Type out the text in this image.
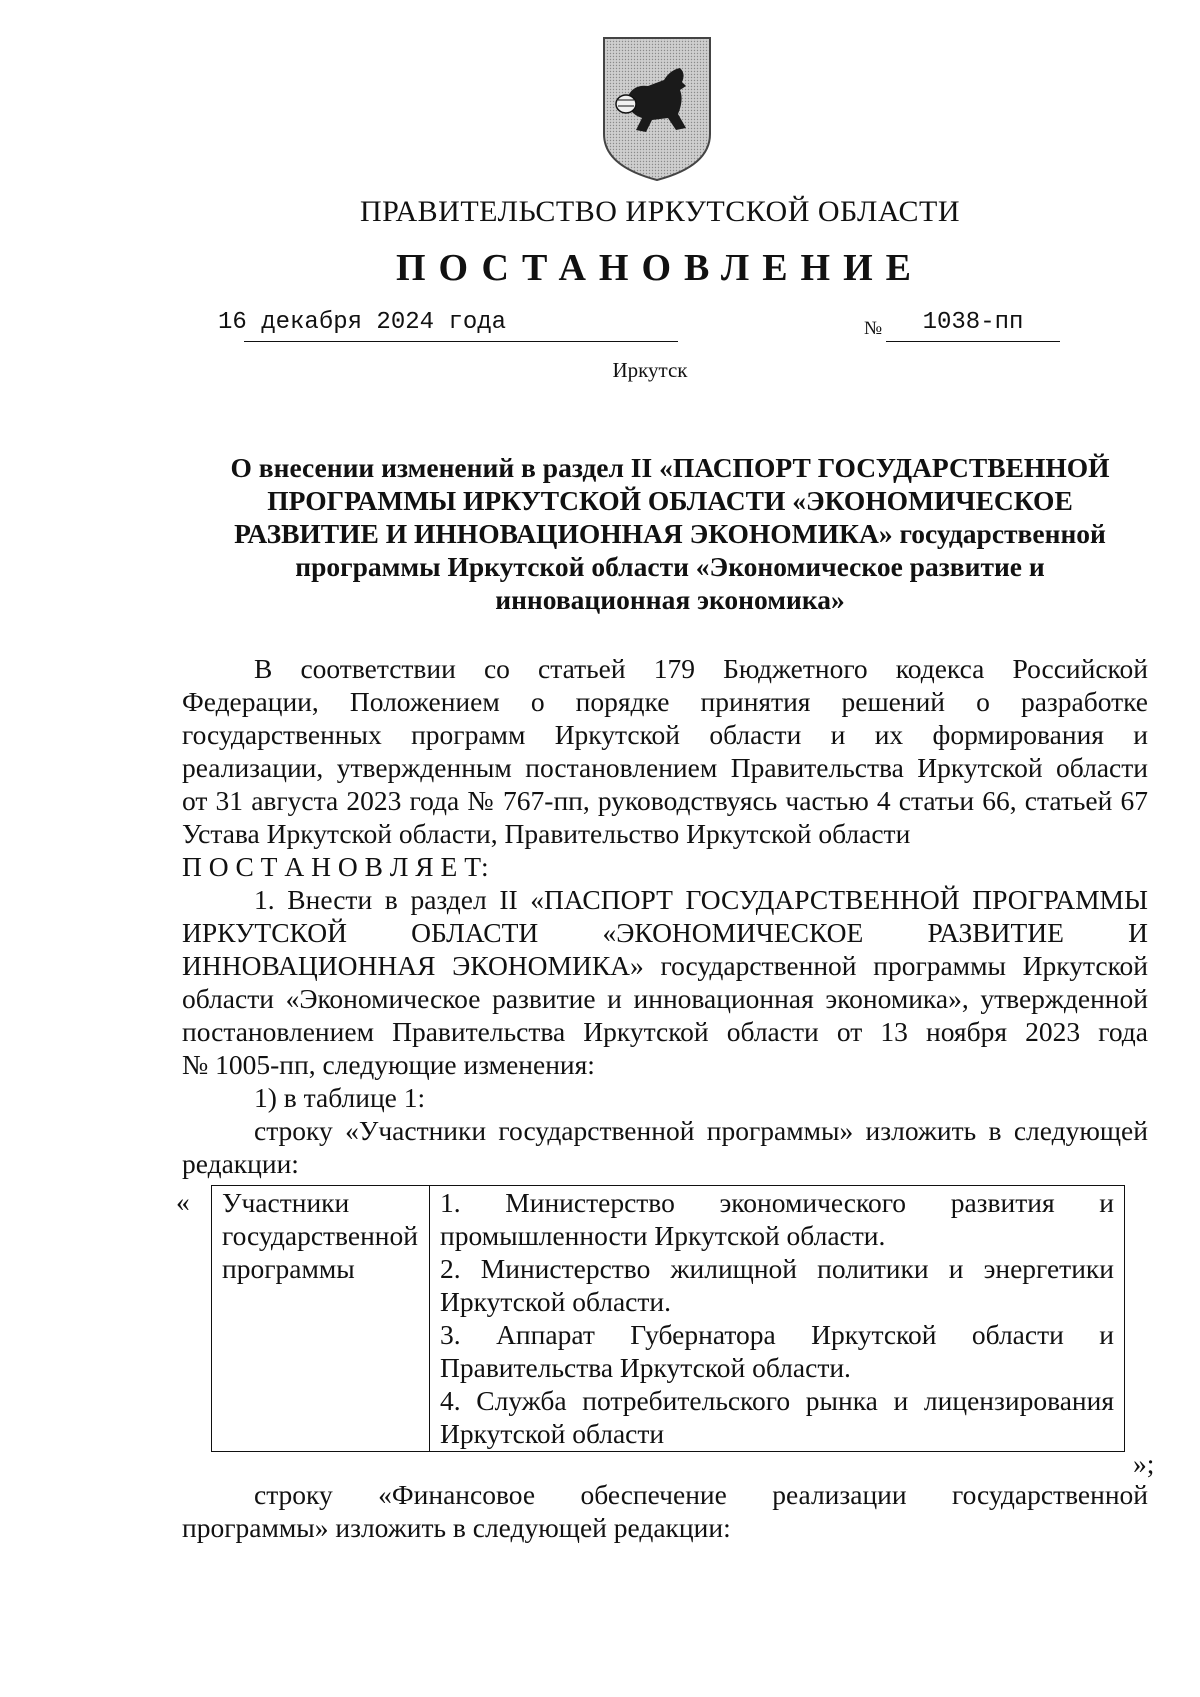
ПРАВИТЕЛЬСТВО ИРКУТСКОЙ ОБЛАСТИ
ПОСТАНОВЛЕНИЕ
16 декабря 2024 года	№	1038-пп
Иркутск
О внесении изменений в раздел II «ПАСПОРТ ГОСУДАРСТВЕННОЙ
ПРОГРАММЫ ИРКУТСКОЙ ОБЛАСТИ «ЭКОНОМИЧЕСКОЕ
РАЗВИТИЕ И ИННОВАЦИОННАЯ ЭКОНОМИКА» государственной
программы Иркутской области «Экономическое развитие и
инновационная экономика»
В соответствии со статьей 179 Бюджетного кодекса Российской
Федерации, Положением о порядке принятия решений о разработке
государственных программ Иркутской области и их формирования и
реализации, утвержденным постановлением Правительства Иркутской области
от 31 августа 2023 года № 767-пп, руководствуясь частью 4 статьи 66, статьей 67
Устава Иркутской области, Правительство Иркутской области
П О С Т А Н О В Л Я Е Т:
1. Внести в раздел II «ПАСПОРТ ГОСУДАРСТВЕННОЙ ПРОГРАММЫ
ИРКУТСКОЙ ОБЛАСТИ «ЭКОНОМИЧЕСКОЕ РАЗВИТИЕ И
ИННОВАЦИОННАЯ ЭКОНОМИКА» государственной программы Иркутской
области «Экономическое развитие и инновационная экономика», утвержденной
постановлением Правительства Иркутской области от 13 ноября 2023 года
№ 1005-пп, следующие изменения:
1) в таблице 1:
строку «Участники государственной программы» изложить в следующей
редакции:
« Участники
государственной
программы
1. Министерство экономического развития и
промышленности Иркутской области.
2. Министерство жилищной политики и энергетики
Иркутской области.
3. Аппарат Губернатора Иркутской области и
Правительства Иркутской области.
4. Служба потребительского рынка и лицензирования
Иркутской области
»;
строку «Финансовое обеспечение реализации государственной
программы» изложить в следующей редакции:
